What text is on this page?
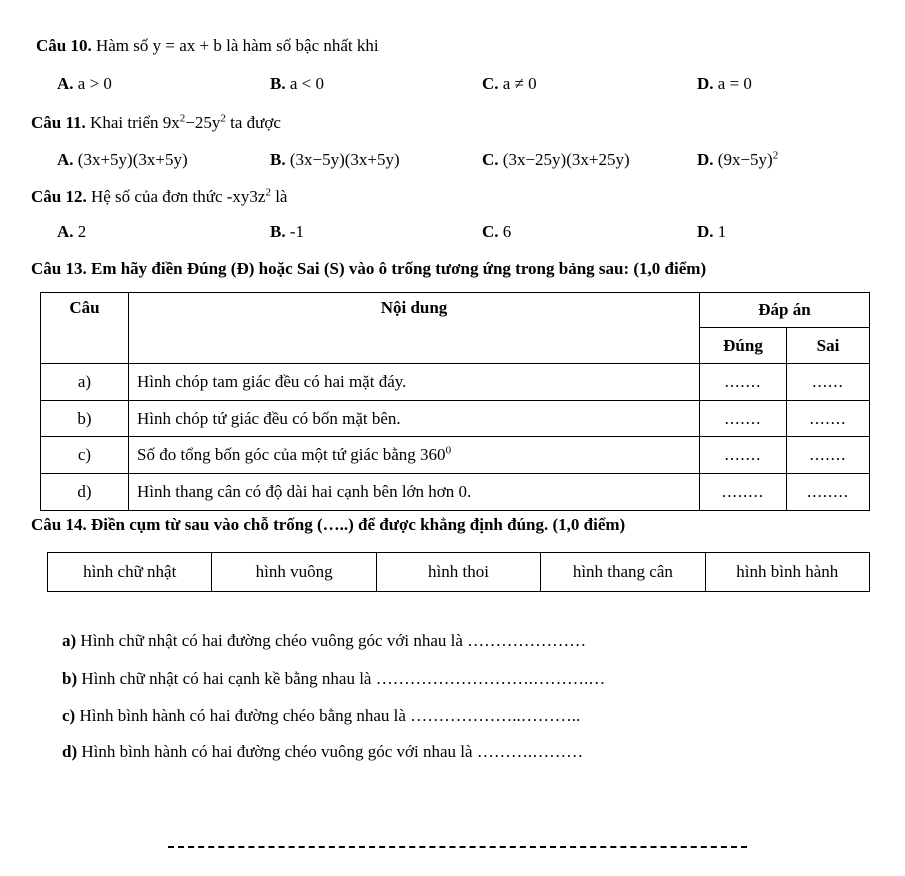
Câu 10. Hàm số y = ax + b là hàm số bậc nhất khi
A. a > 0	B. a < 0	C. a ≠ 0	D. a = 0
Câu 11. Khai triển $9x^2-25y^2$ ta được
A. (3x+5y)(3x+5y)	B. (3x−5y)(3x+5y)	C. (3x−25y)(3x+25y)	D. $(9x-5y)^2$
Câu 12. Hệ số của đơn thức $-xy3z^2$ là
A. 2	B. -1	C. 6	D. 1
Câu 13. Em hãy điền Đúng (Đ) hoặc Sai (S) vào ô trống tương ứng trong bảng sau: (1,0 điểm)
Câu	Nội dung	Đáp án	
		Đúng	Sai
a)	Hình chóp tam giác đều có hai mặt đáy.	.......	......
b)	Hình chóp tứ giác đều có bốn mặt bên.	.......	.......
c)	Số đo tổng bốn góc của một tứ giác bằng $360^0$	.......	.......
d)	Hình thang cân có độ dài hai cạnh bên lớn hơn 0.	........	........
Câu 14. Điền cụm từ sau vào chỗ trống (…..) để được khẳng định đúng. (1,0 điểm)
hình chữ nhật	hình vuông	hình thoi	hình thang cân	hình bình hành
a) Hình chữ nhật có hai đường chéo vuông góc với nhau là …………………
b) Hình chữ nhật có hai cạnh kề bằng nhau là ……………………….……….…
c) Hình bình hành có hai đường chéo bằng nhau là ………………..………..
d) Hình bình hành có hai đường chéo vuông góc với nhau là ……….………
